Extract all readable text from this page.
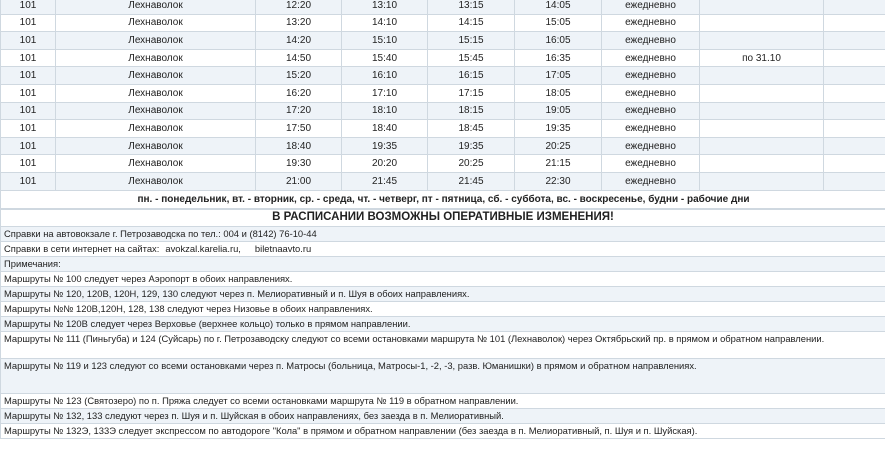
101	Лехнаволок	12:20	13:10	13:15	14:05	ежедневно		
101	Лехнаволок	13:20	14:10	14:15	15:05	ежедневно		
101	Лехнаволок	14:20	15:10	15:15	16:05	ежедневно		
101	Лехнаволок	14:50	15:40	15:45	16:35	ежедневно	по 31.10	
101	Лехнаволок	15:20	16:10	16:15	17:05	ежедневно		
101	Лехнаволок	16:20	17:10	17:15	18:05	ежедневно		
101	Лехнаволок	17:20	18:10	18:15	19:05	ежедневно		
101	Лехнаволок	17:50	18:40	18:45	19:35	ежедневно		
101	Лехнаволок	18:40	19:35	19:35	20:25	ежедневно		
101	Лехнаволок	19:30	20:20	20:25	21:15	ежедневно		
101	Лехнаволок	21:00	21:45	21:45	22:30	ежедневно		
пн. - понедельник, вт. - вторник, ср. - среда, чт. - четверг, пт - пятница, сб. - суббота, вс. - воскресенье, будни - рабочие дни								
В РАСПИСАНИИ ВОЗМОЖНЫ ОПЕРАТИВНЫЕ ИЗМЕНЕНИЯ!
Справки на автовокзале г. Петрозаводска по тел.: 004 и (8142) 76-10-44
Справки в сети интернет на сайтах: avokzal.karelia.ru, biletnaavto.ru
Примечания:
Маршруты № 100 следует через Аэропорт в обоих направлениях.
Маршруты № 120, 120В, 120Н, 129, 130 следуют через п. Мелиоративный и п. Шуя в обоих направлениях.
Маршруты №№ 120В,120Н, 128, 138 следуют через Низовье в обоих направлениях.
Маршруты № 120В следует через Верховье (верхнее кольцо) только в прямом направлении.
Маршруты № 111 (Пиньгуба) и 124 (Суйсарь) по г. Петрозаводску следуют со всеми остановками маршрута № 101 (Лехнаволок) через Октябрьский пр. в прямом и обратном направлении.
Маршруты № 119 и 123 следуют со всеми остановками через п. Матросы (больница, Матросы-1, -2, -3, разв. Юманишки) в прямом и обратном направлениях.
Маршруты № 123 (Святозеро) по п. Пряжа следует со всеми остановками маршрута № 119 в обратном направлении.
Маршруты № 132, 133 следуют через п. Шуя и п. Шуйская в обоих направлениях, без заезда в п. Мелиоративный.
Маршруты № 132Э, 133Э следует экспрессом по автодороге "Кола" в прямом и обратном направлении (без заезда в п. Мелиоративный, п. Шуя и п. Шуйская).
